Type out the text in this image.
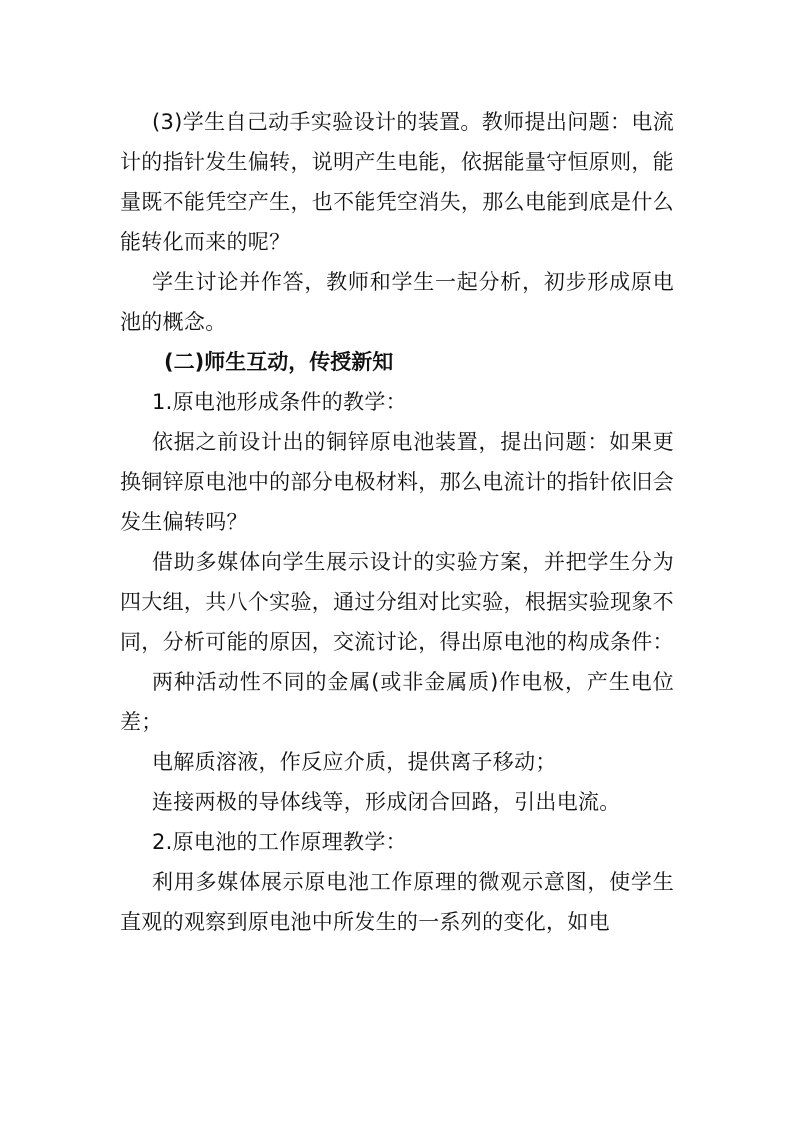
(3)学生自己动手实验设计的装置。教师提出问题：电流计的指针发生偏转，说明产生电能，依据能量守恒原则，能量既不能凭空产生，也不能凭空消失，那么电能到底是什么能转化而来的呢？

学生讨论并作答，教师和学生一起分析，初步形成原电池的概念。

(二)师生互动，传授新知

1.原电池形成条件的教学：

依据之前设计出的铜锌原电池装置，提出问题：如果更换铜锌原电池中的部分电极材料，那么电流计的指针依旧会发生偏转吗？

借助多媒体向学生展示设计的实验方案，并把学生分为四大组，共八个实验，通过分组对比实验，根据实验现象不同，分析可能的原因，交流讨论，得出原电池的构成条件：

两种活动性不同的金属(或非金属质)作电极，产生电位差；

电解质溶液，作反应介质，提供离子移动；

连接两极的导体线等，形成闭合回路，引出电流。

2.原电池的工作原理教学：

利用多媒体展示原电池工作原理的微观示意图，使学生直观的观察到原电池中所发生的一系列的变化，如电
